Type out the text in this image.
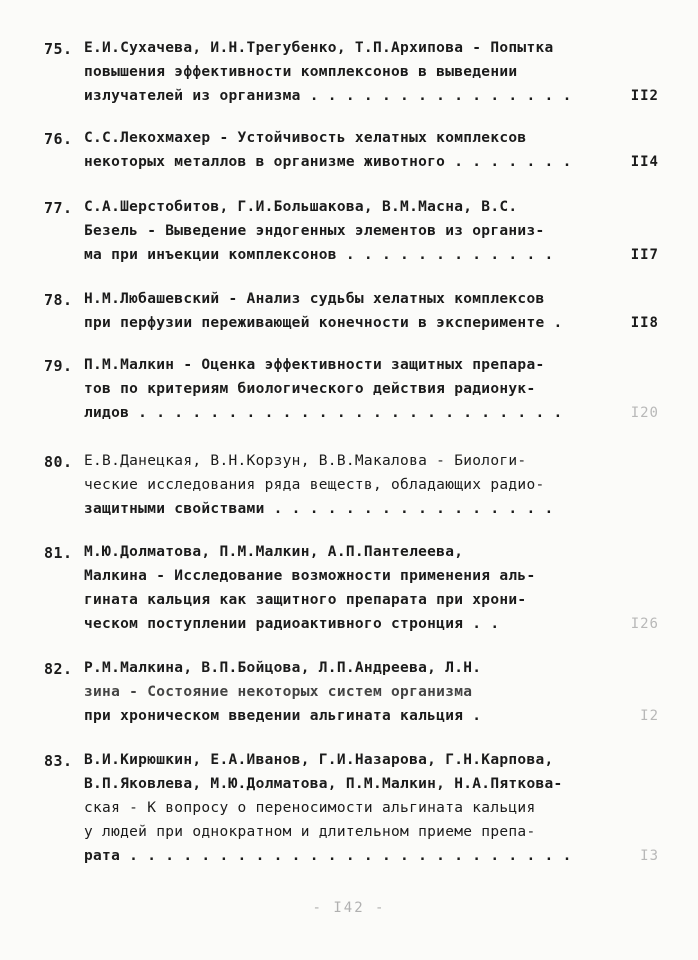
75. Е.И.Сухачева, И.Н.Трегубенко, Т.П.Архипова - Попытка
повышения эффективности комплексонов в выведении
излучателей из организма . . . . . . . . . . . . . . .	II2
76. С.С.Лекохмахер - Устойчивость хелатных комплексов
некоторых металлов в организме животного . . . . . . .	II4
77. С.А.Шерстобитов, Г.И.Большакова, В.М.Масна, В.С.
Безель - Выведение эндогенных элементов из организ-
ма при инъекции комплексонов . . . . . . . . . . . .	II7
78. Н.М.Любашевский - Анализ судьбы хелатных комплексов
при перфузии переживающей конечности в эксперименте .	II8
79. П.М.Малкин - Оценка эффективности защитных препара-
тов по критериям биологического действия радионук-
лидов . . . . . . . . . . . . . . . . . . . . . . . .	I20
80. Е.В.Данецкая, В.Н.Корзун, В.В.Макалова - Биологи-
ческие исследования ряда веществ, обладающих радио-
защитными свойствами . . . . . . . . . . . . . . . .
81. М.Ю.Долматова, П.М.Малкин, А.П.Пантелеева,
Малкина - Исследование возможности применения аль-
гината кальция как защитного препарата при хрони-
ческом поступлении радиоактивного стронция . .	I26
82. Р.М.Малкина, В.П.Бойцова, Л.П.Андреева, Л.Н.
зина - Состояние некоторых систем организма
при хроническом введении альгината кальция .	I2
83. В.И.Кирюшкин, Е.А.Иванов, Г.И.Назарова, Г.Н.Карпова,
В.П.Яковлева, М.Ю.Долматова, П.М.Малкин, Н.А.Пяткова-
ская - К вопросу о переносимости альгината кальция
у людей при однократном и длительном приеме препа-
рата . . . . . . . . . . . . . . . . . . . . . . . . .	I3
- I42 -
